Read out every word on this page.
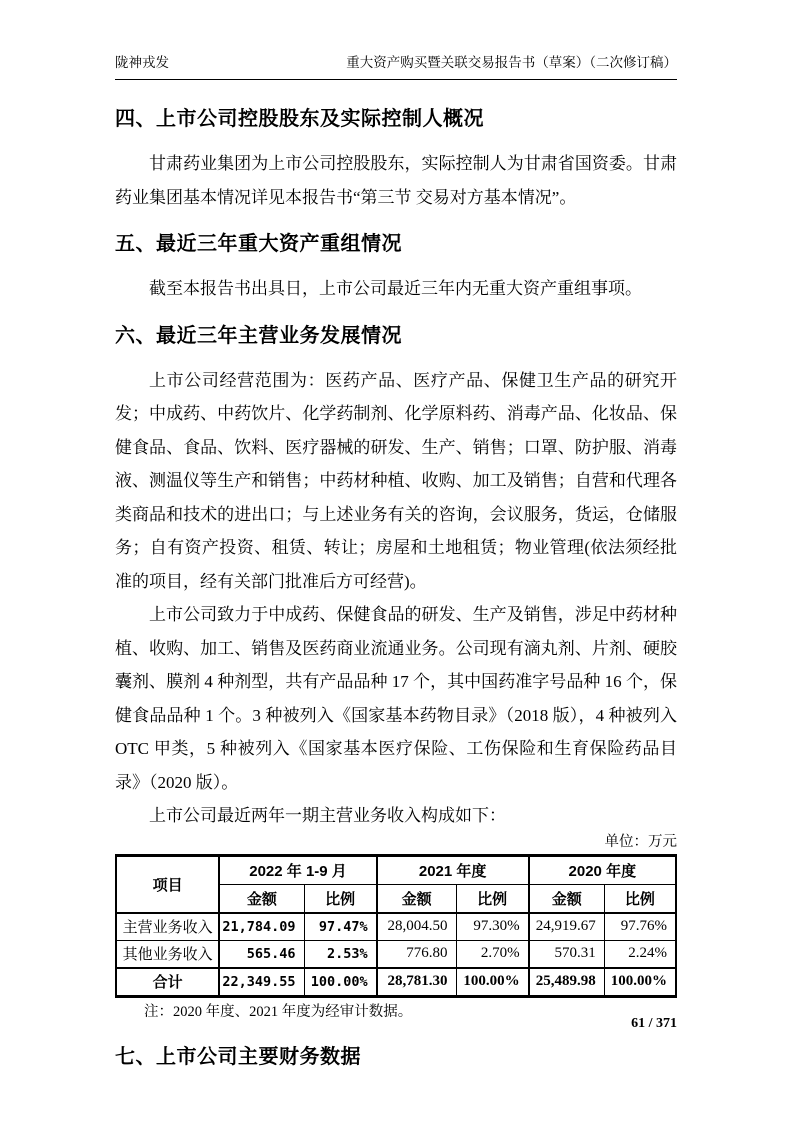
陇神戎发	重大资产购买暨关联交易报告书（草案）（二次修订稿）
四、上市公司控股股东及实际控制人概况

甘肃药业集团为上市公司控股股东，实际控制人为甘肃省国资委。甘肃药业集团基本情况详见本报告书“第三节 交易对方基本情况”。

五、最近三年重大资产重组情况

截至本报告书出具日，上市公司最近三年内无重大资产重组事项。

六、最近三年主营业务发展情况

上市公司经营范围为：医药产品、医疗产品、保健卫生产品的研究开发；中成药、中药饮片、化学药制剂、化学原料药、消毒产品、化妆品、保健食品、食品、饮料、医疗器械的研发、生产、销售；口罩、防护服、消毒液、测温仪等生产和销售；中药材种植、收购、加工及销售；自营和代理各类商品和技术的进出口；与上述业务有关的咨询，会议服务，货运，仓储服务；自有资产投资、租赁、转让；房屋和土地租赁；物业管理(依法须经批准的项目，经有关部门批准后方可经营)。

上市公司致力于中成药、保健食品的研发、生产及销售，涉足中药材种植、收购、加工、销售及医药商业流通业务。公司现有滴丸剂、片剂、硬胶囊剂、膜剂 4 种剂型，共有产品品种 17 个，其中国药准字号品种 16 个，保健食品品种 1 个。3 种被列入《国家基本药物目录》（2018 版），4 种被列入 OTC 甲类，5 种被列入《国家基本医疗保险、工伤保险和生育保险药品目录》（2020 版）。

上市公司最近两年一期主营业务收入构成如下：

单位：万元
项目	2022 年 1-9 月		2021 年度		2020 年度	
	金额	比例	金额	比例	金额	比例
主营业务收入	21,784.09	97.47%	28,004.50	97.30%	24,919.67	97.76%
其他业务收入	565.46	2.53%	776.80	2.70%	570.31	2.24%
合计	22,349.55	100.00%	28,781.30	100.00%	25,489.98	100.00%
注：2020 年度、2021 年度为经审计数据。
七、上市公司主要财务数据
61 / 371
